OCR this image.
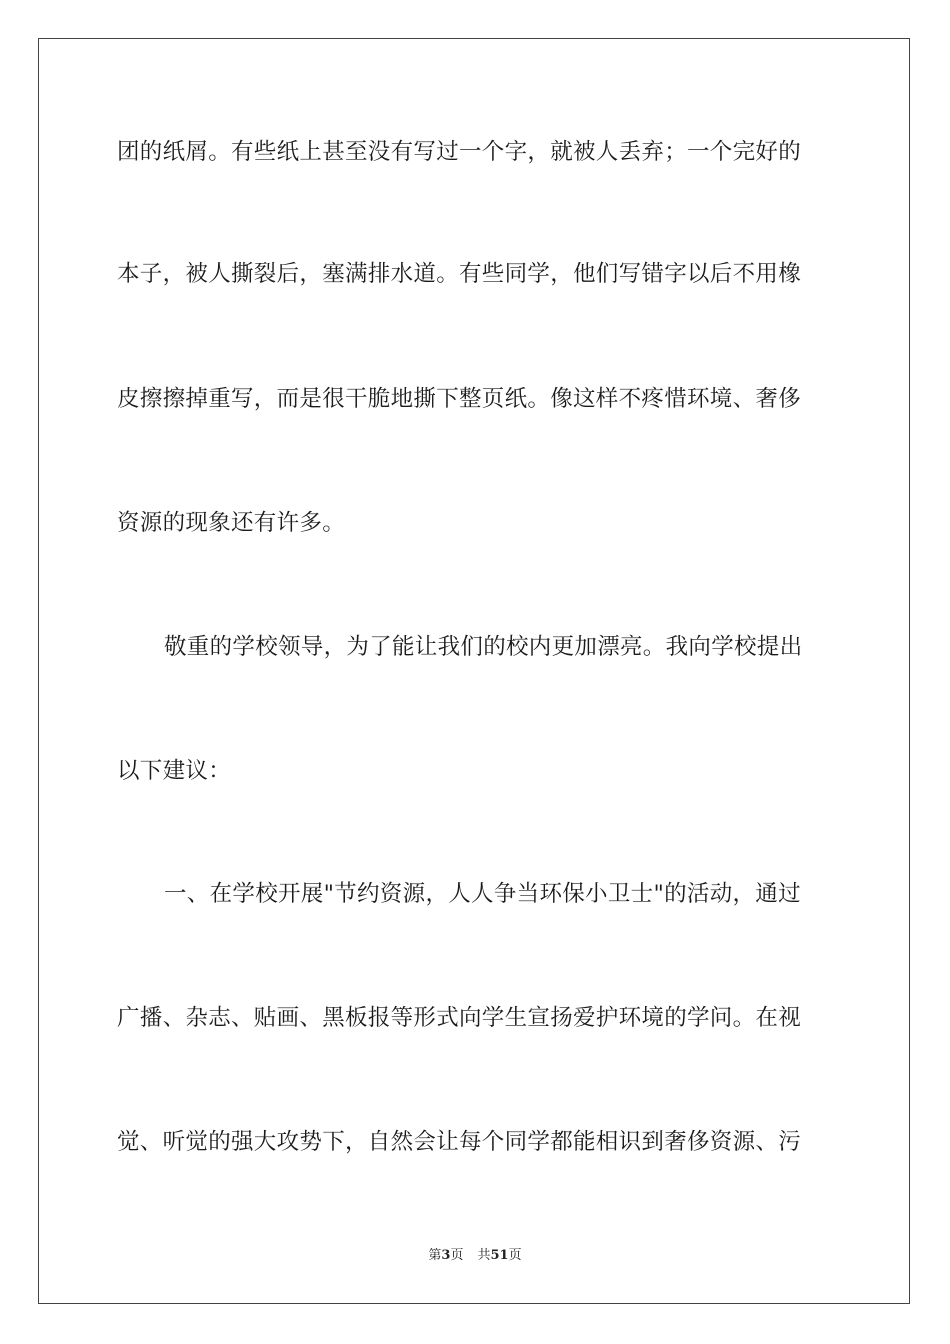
团的纸屑。有些纸上甚至没有写过一个字，就被人丢弃；一个完好的
本子，被人撕裂后，塞满排水道。有些同学，他们写错字以后不用橡
皮擦擦掉重写，而是很干脆地撕下整页纸。像这样不疼惜环境、奢侈
资源的现象还有许多。
敬重的学校领导，为了能让我们的校内更加漂亮。我向学校提出
以下建议：
一、在学校开展"节约资源，人人争当环保小卫士"的活动，通过
广播、杂志、贴画、黑板报等形式向学生宣扬爱护环境的学问。在视
觉、听觉的强大攻势下，自然会让每个同学都能相识到奢侈资源、污
第3页 共51页
